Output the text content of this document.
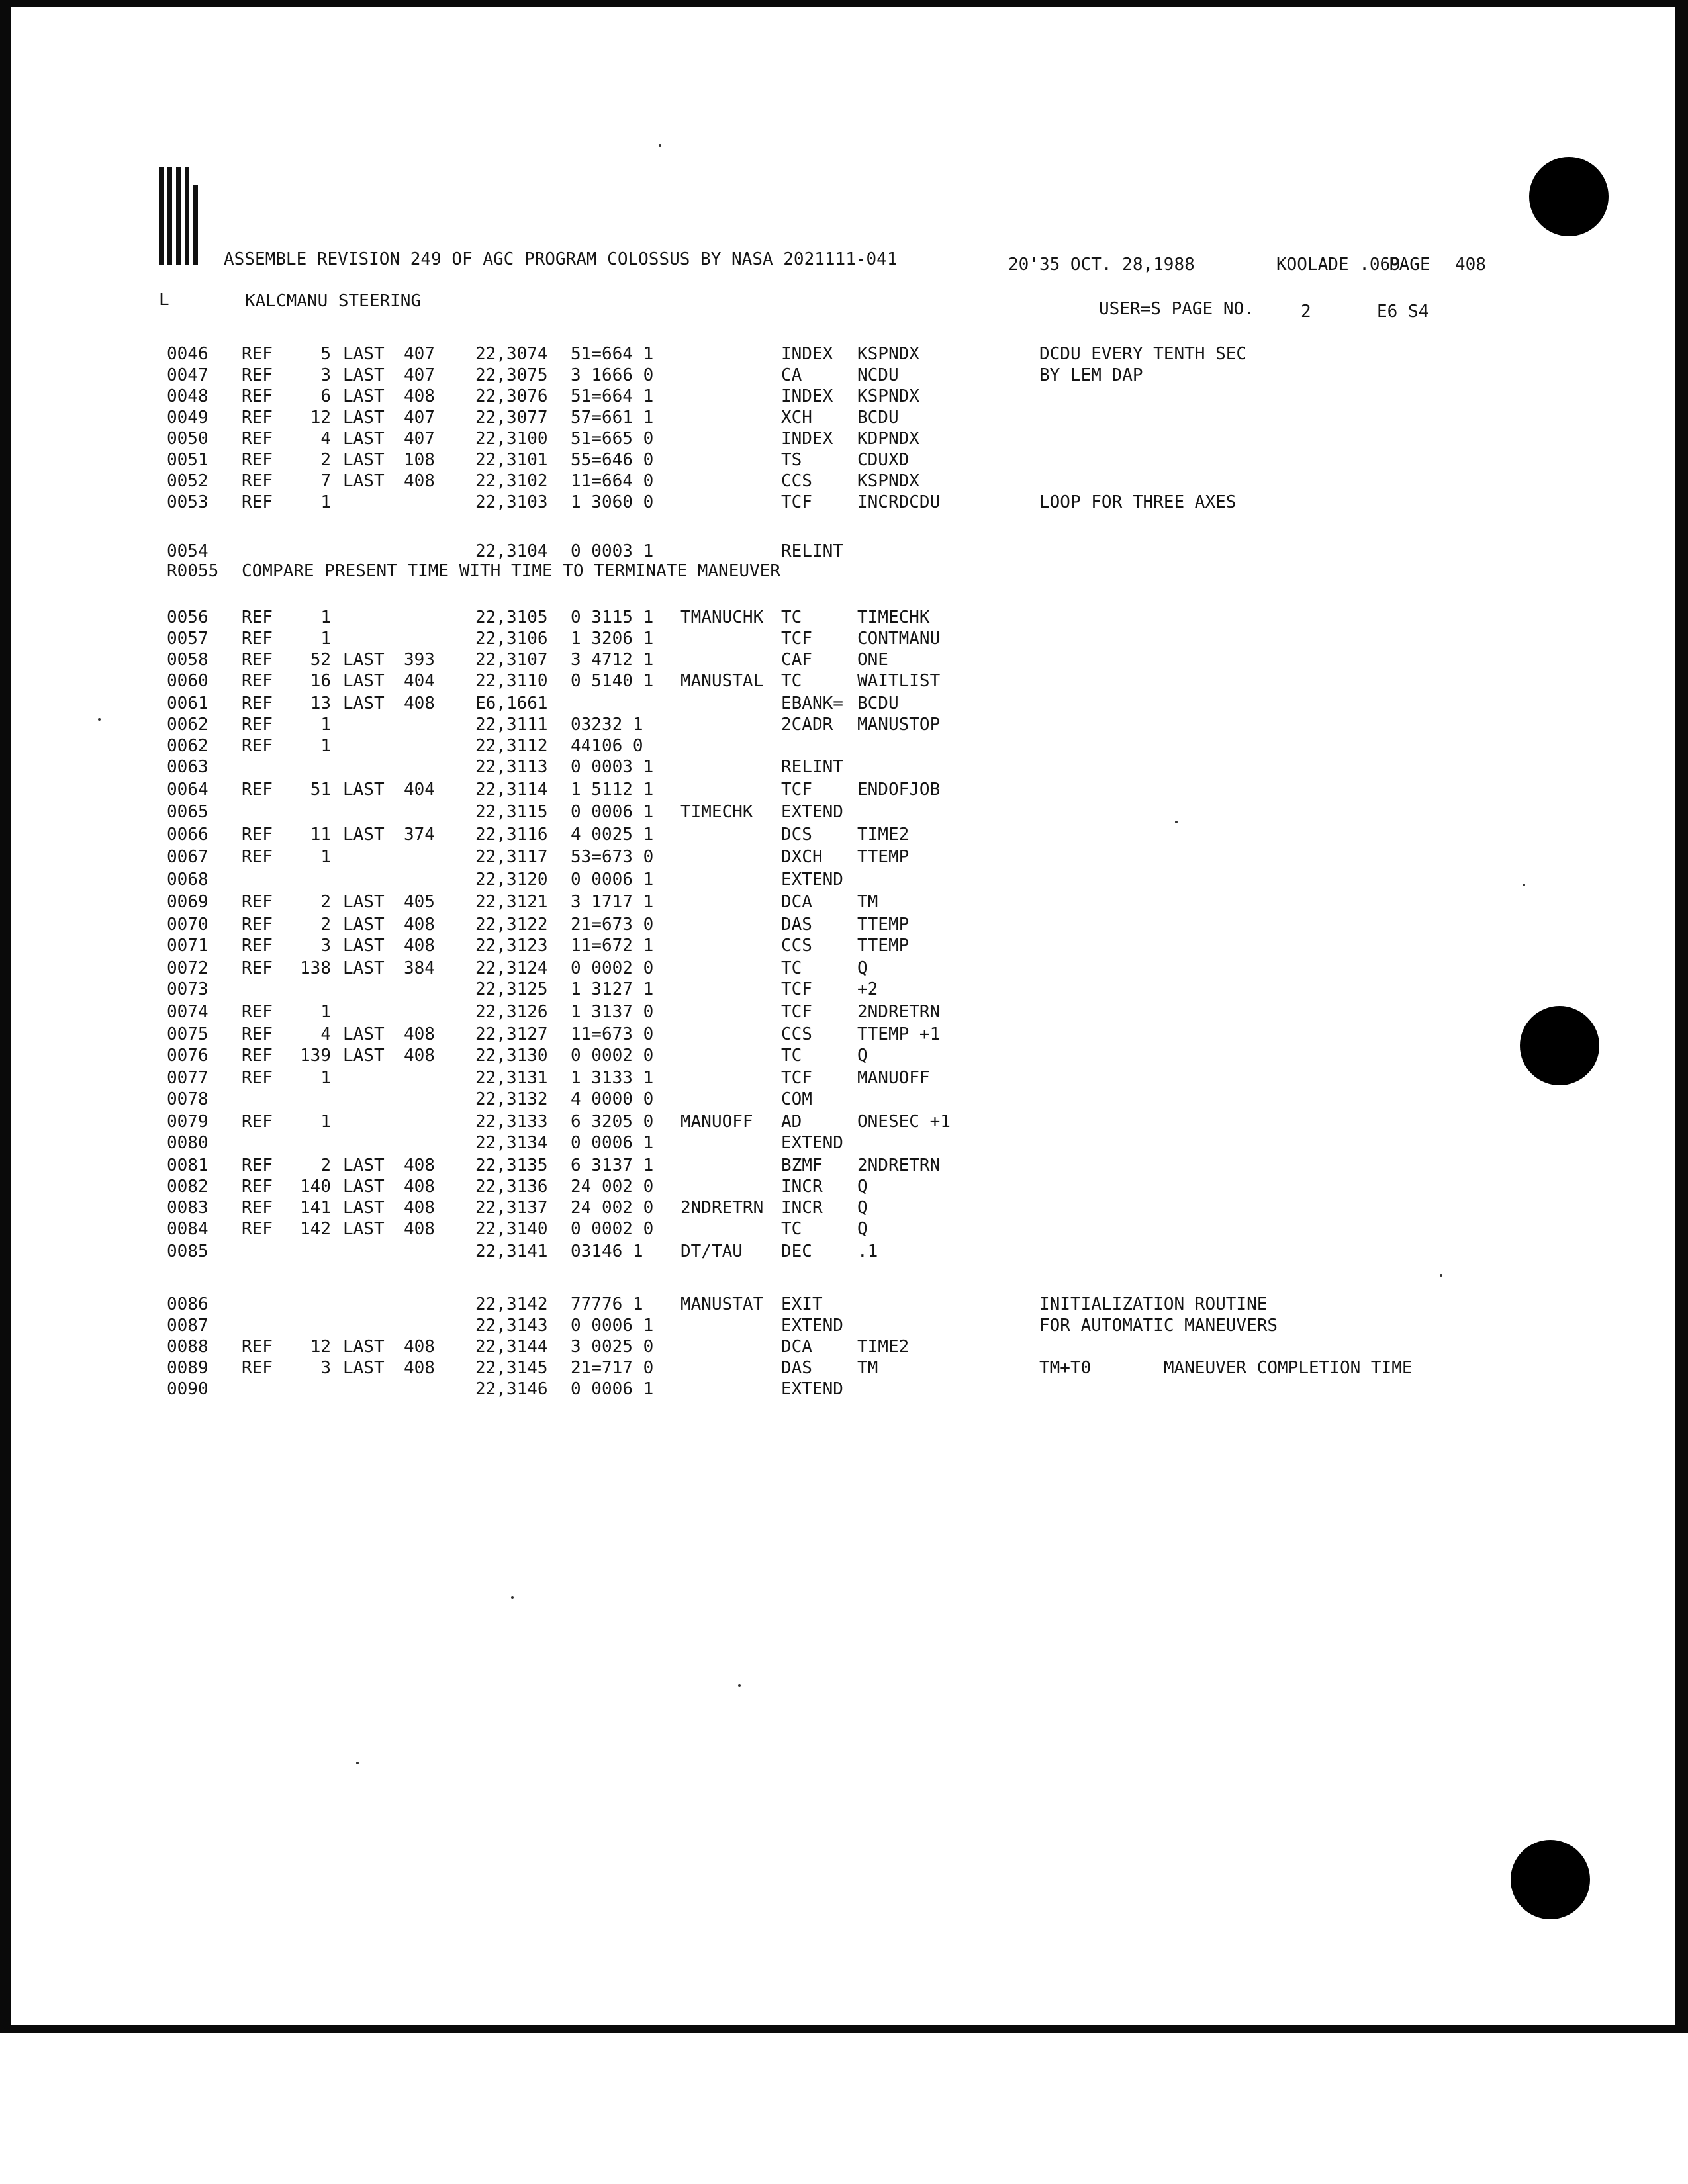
ASSEMBLE REVISION 249 OF AGC PROGRAM COLOSSUS BY NASA 2021111-041	20'35 OCT. 28,1988	KOOLADE .069
PAGE 408
L	KALCMANU STEERING	USER=S PAGE NO.	2	E6 S4
0046	REF	5 LAST	407	22,3074	51=664 1	INDEX	KSPNDX	DCDU EVERY TENTH SEC
0047	REF	3 LAST	407	22,3075	3 1666 0	CA	NCDU	BY LEM DAP
0048	REF	6 LAST	408	22,3076	51=664 1	INDEX	KSPNDX
0049	REF	12 LAST	407	22,3077	57=661 1	XCH	BCDU
0050	REF	4 LAST	407	22,3100	51=665 0	INDEX	KDPNDX
0051	REF	2 LAST	108	22,3101	55=646 0	TS	CDUXD
0052	REF	7 LAST	408	22,3102	11=664 0	CCS	KSPNDX
0053	REF	1	22,3103	1 3060 0	TCF	INCRDCDU	LOOP FOR THREE AXES
0054	22,3104	0 0003 1	RELINT
R0055	COMPARE PRESENT TIME WITH TIME TO TERMINATE MANEUVER
0056	REF	1	22,3105	0 3115 1	TMANUCHK	TC	TIMECHK
0057	REF	1	22,3106	1 3206 1	TCF	CONTMANU
0058	REF	52 LAST	393	22,3107	3 4712 1	CAF	ONE
0060	REF	16 LAST	404	22,3110	0 5140 1	MANUSTAL	TC	WAITLIST
0061	REF	13 LAST	408	E6,1661	EBANK= BCDU
0062	REF	1	22,3111	03232 1	2CADR	MANUSTOP
0062	REF	1	22,3112	44106 0
0063	22,3113	0 0003 1	RELINT
0064	REF	51 LAST	404	22,3114	1 5112 1	TCF	ENDOFJOB
0065	22,3115	0 0006 1	TIMECHK	EXTEND
0066	REF	11 LAST	374	22,3116	4 0025 1	DCS	TIME2
0067	REF	1	22,3117	53=673 0	DXCH	TTEMP
0068	22,3120	0 0006 1	EXTEND
0069	REF	2 LAST	405	22,3121	3 1717 1	DCA	TM
0070	REF	2 LAST	408	22,3122	21=673 0	DAS	TTEMP
0071	REF	3 LAST	408	22,3123	11=672 1	CCS	TTEMP
0072	REF	138 LAST	384	22,3124	0 0002 0	TC	Q
0073	22,3125	1 3127 1	TCF	+2
0074	REF	1	22,3126	1 3137 0	TCF	2NDRETRN
0075	REF	4 LAST	408	22,3127	11=673 0	CCS	TTEMP +1
0076	REF	139 LAST	408	22,3130	0 0002 0	TC	Q
0077	REF	1	22,3131	1 3133 1	TCF	MANUOFF
0078	22,3132	4 0000 0	COM
0079	REF	1	22,3133	6 3205 0	MANUOFF	AD	ONESEC +1
0080	22,3134	0 0006 1	EXTEND
0081	REF	2 LAST	408	22,3135	6 3137 1	BZMF	2NDRETRN
0082	REF	140 LAST	408	22,3136	24 002 0	INCR	Q
0083	REF	141 LAST	408	22,3137	24 002 0	2NDRETRN	INCR	Q
0084	REF	142 LAST	408	22,3140	0 0002 0	TC	Q
0085	22,3141	03146 1	DT/TAU	DEC	.1
0086	22,3142	77776 1	MANUSTAT	EXIT	INITIALIZATION ROUTINE
0087	22,3143	0 0006 1	EXTEND	FOR AUTOMATIC MANEUVERS
0088	REF	12 LAST	408	22,3144	3 0025 0	DCA	TIME2
0089	REF	3 LAST	408	22,3145	21=717 0	DAS	TM	TM+T0       MANEUVER COMPLETION TIME
0090	22,3146	0 0006 1	EXTEND
